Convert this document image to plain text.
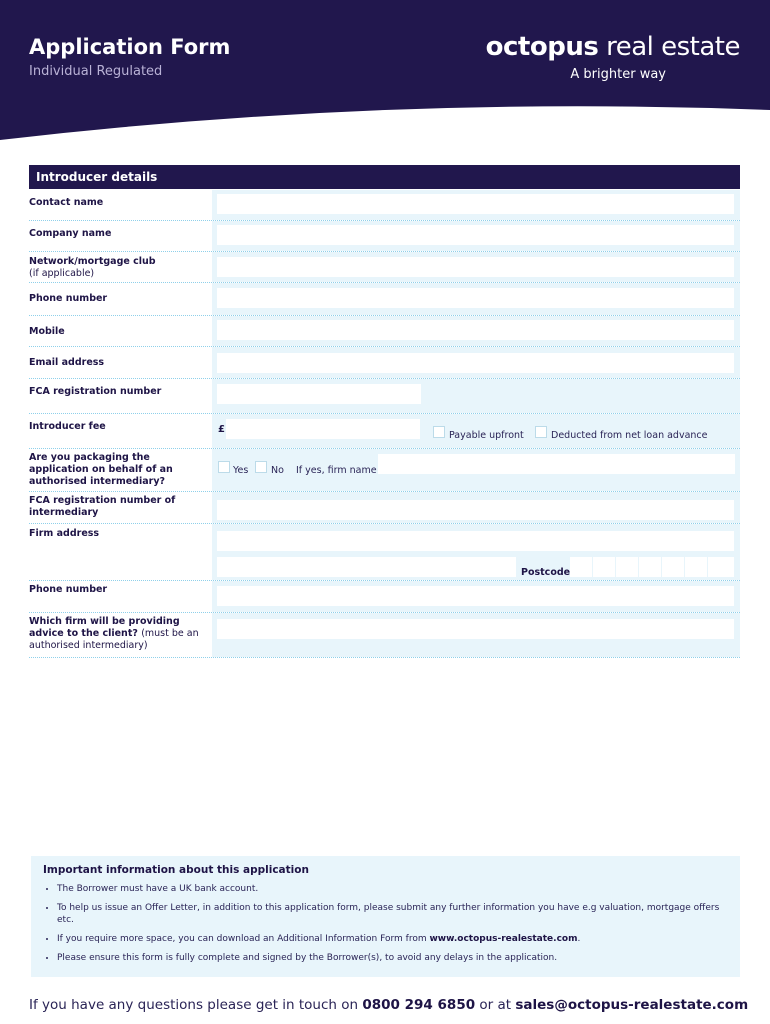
Application Form
Individual Regulated
octopus real estate
A brighter way
Introducer details
Contact name
Company name
Network/mortgage club
(if applicable)
Phone number
Mobile
Email address
FCA registration number
Introducer fee	£
Payable upfront	Deducted from net loan advance
Are you packaging the application on behalf of an authorised intermediary?
Yes No If yes, firm name
FCA registration number of intermediary
Firm address
Postcode
Phone number
Which firm will be providing advice to the client? (must be an authorised intermediary)
Important information about this application
• The Borrower must have a UK bank account.
• To help us issue an Offer Letter, in addition to this application form, please submit any further information you have e.g valuation, mortgage offers etc.
• If you require more space, you can download an Additional Information Form from www.octopus-realestate.com.
• Please ensure this form is fully complete and signed by the Borrower(s), to avoid any delays in the application.
If you have any questions please get in touch on 0800 294 6850 or at sales@octopus-realestate.com
